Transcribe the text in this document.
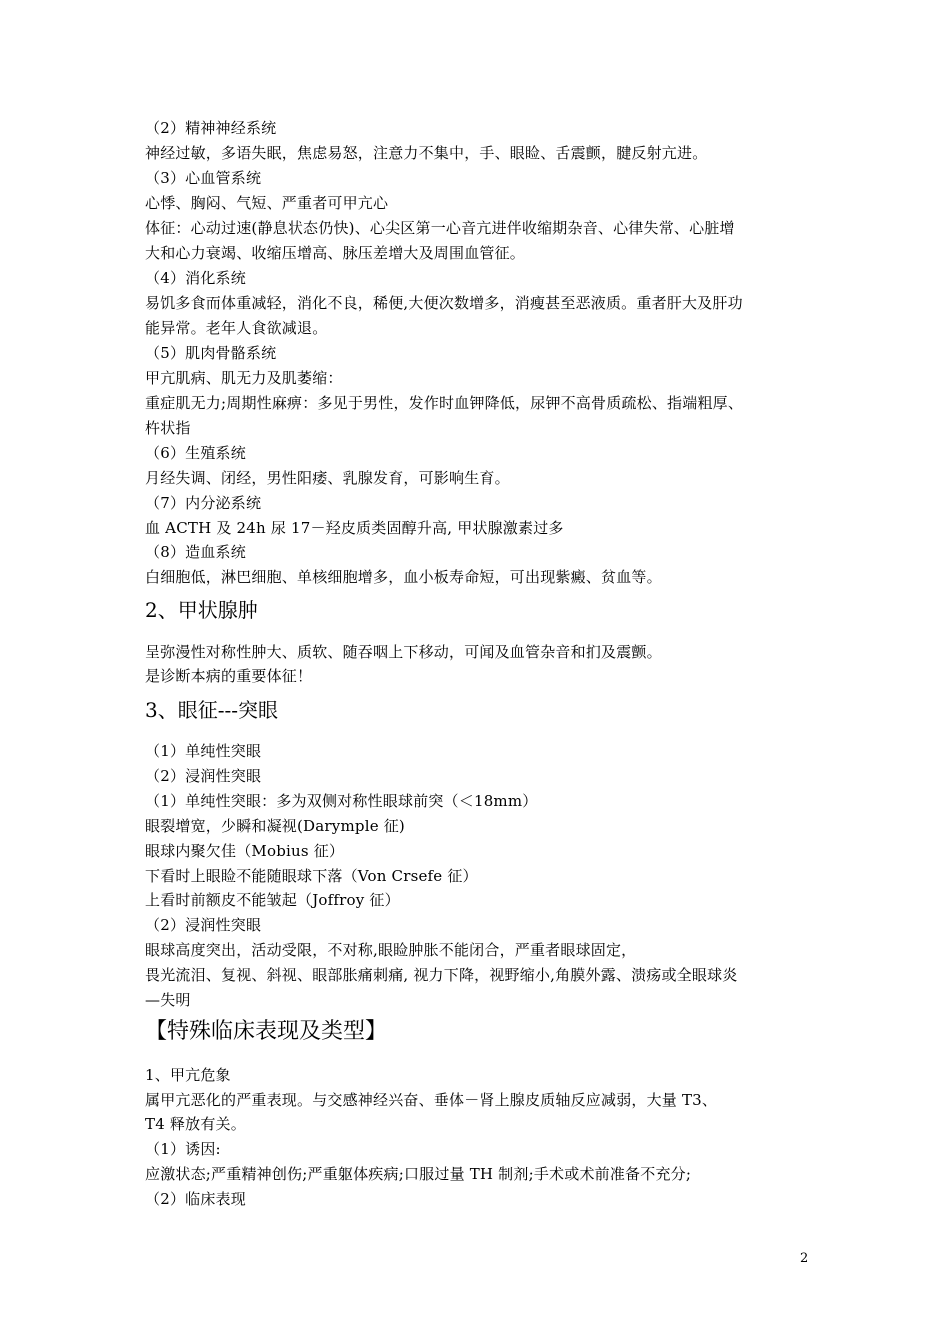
（2）精神神经系统
神经过敏，多语失眠，焦虑易怒，注意力不集中，手、眼睑、舌震颤，腱反射亢进。
（3）心血管系统
心悸、胸闷、气短、严重者可甲亢心
体征：心动过速(静息状态仍快)、心尖区第一心音亢进伴收缩期杂音、心律失常、心脏增
大和心力衰竭、收缩压增高、脉压差增大及周围血管征。
（4）消化系统
易饥多食而体重减轻，消化不良，稀便,大便次数增多，消瘦甚至恶液质。重者肝大及肝功
能异常。老年人食欲减退。
（5）肌肉骨骼系统
甲亢肌病、肌无力及肌萎缩：
重症肌无力;周期性麻痹：多见于男性，发作时血钾降低，尿钾不高骨质疏松、指端粗厚、
杵状指
（6）生殖系统
月经失调、闭经，男性阳痿、乳腺发育，可影响生育。
（7）内分泌系统
血 ACTH 及 24h 尿 17－羟皮质类固醇升高, 甲状腺激素过多
（8）造血系统
白细胞低，淋巴细胞、单核细胞增多，血小板寿命短，可出现紫癜、贫血等。
2、甲状腺肿
呈弥漫性对称性肿大、质软、随吞咽上下移动，可闻及血管杂音和扪及震颤。
是诊断本病的重要体征！
3、眼征---突眼
（1）单纯性突眼
（2）浸润性突眼
（1）单纯性突眼：多为双侧对称性眼球前突（＜18mm）
眼裂增宽，少瞬和凝视(Darymple 征)
眼球内聚欠佳（Mobius 征）
下看时上眼睑不能随眼球下落（Von Crsefe 征）
上看时前额皮不能皱起（Joffroy 征）
（2）浸润性突眼
眼球高度突出，活动受限，不对称,眼睑肿胀不能闭合，严重者眼球固定，
畏光流泪、复视、斜视、眼部胀痛刺痛, 视力下降，视野缩小,角膜外露、溃疡或全眼球炎
—失明
【特殊临床表现及类型】
1、甲亢危象
属甲亢恶化的严重表现。与交感神经兴奋、垂体－肾上腺皮质轴反应减弱，大量 T3、
T4 释放有关。
（1）诱因:
应激状态;严重精神创伤;严重躯体疾病;口服过量 TH 制剂;手术或术前准备不充分;
（2）临床表现
2
